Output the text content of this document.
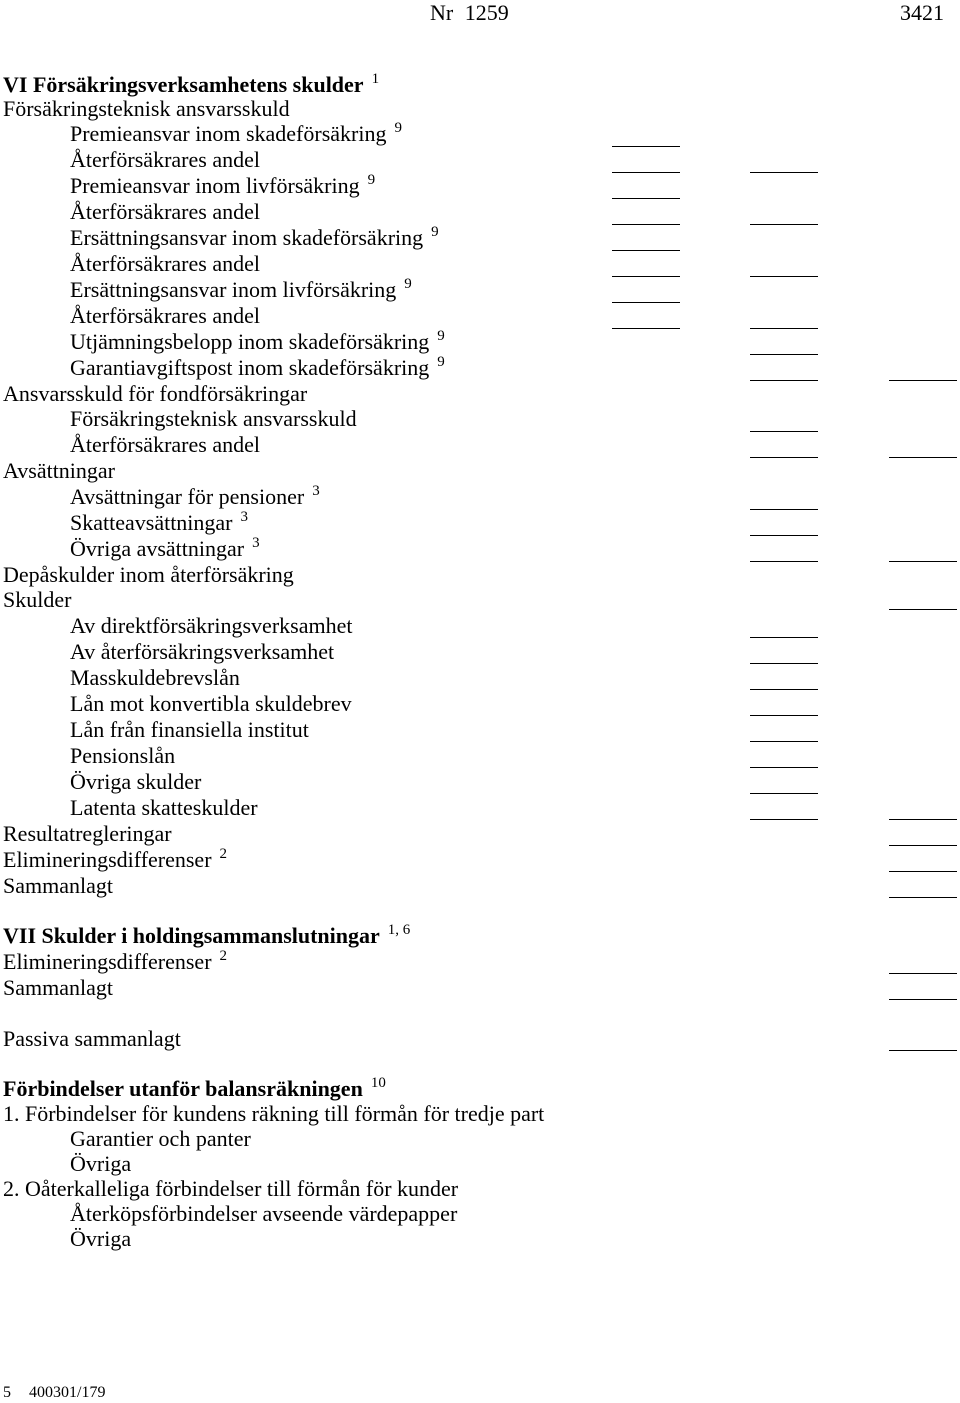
Nr 1259	3421
VI Försäkringsverksamhetens skulder $^1$
Försäkringsteknisk ansvarsskuld
Premieansvar inom skadeförsäkring $^9$
Återförsäkrares andel
Premieansvar inom livförsäkring $^9$
Återförsäkrares andel
Ersättningsansvar inom skadeförsäkring $^9$
Återförsäkrares andel
Ersättningsansvar inom livförsäkring $^9$
Återförsäkrares andel
Utjämningsbelopp inom skadeförsäkring $^9$
Garantiavgiftspost inom skadeförsäkring $^9$
Ansvarsskuld för fondförsäkringar
Försäkringsteknisk ansvarsskuld
Återförsäkrares andel
Avsättningar
Avsättningar för pensioner $^3$
Skatteavsättningar $^3$
Övriga avsättningar $^3$
Depåskulder inom återförsäkring
Skulder
Av direktförsäkringsverksamhet
Av återförsäkringsverksamhet
Masskuldebrevslån
Lån mot konvertibla skuldebrev
Lån från finansiella institut
Pensionslån
Övriga skulder
Latenta skatteskulder
Resultatregleringar
Elimineringsdifferenser $^2$
Sammanlagt
VII Skulder i holdingsammanslutningar $^{1, 6}$
Elimineringsdifferenser $^2$
Sammanlagt
Passiva sammanlagt
Förbindelser utanför balansräkningen $^{10}$
1. Förbindelser för kundens räkning till förmån för tredje part
Garantier och panter
Övriga
2. Oåterkalleliga förbindelser till förmån för kunder
Återköpsförbindelser avseende värdepapper
Övriga
5 400301/179
